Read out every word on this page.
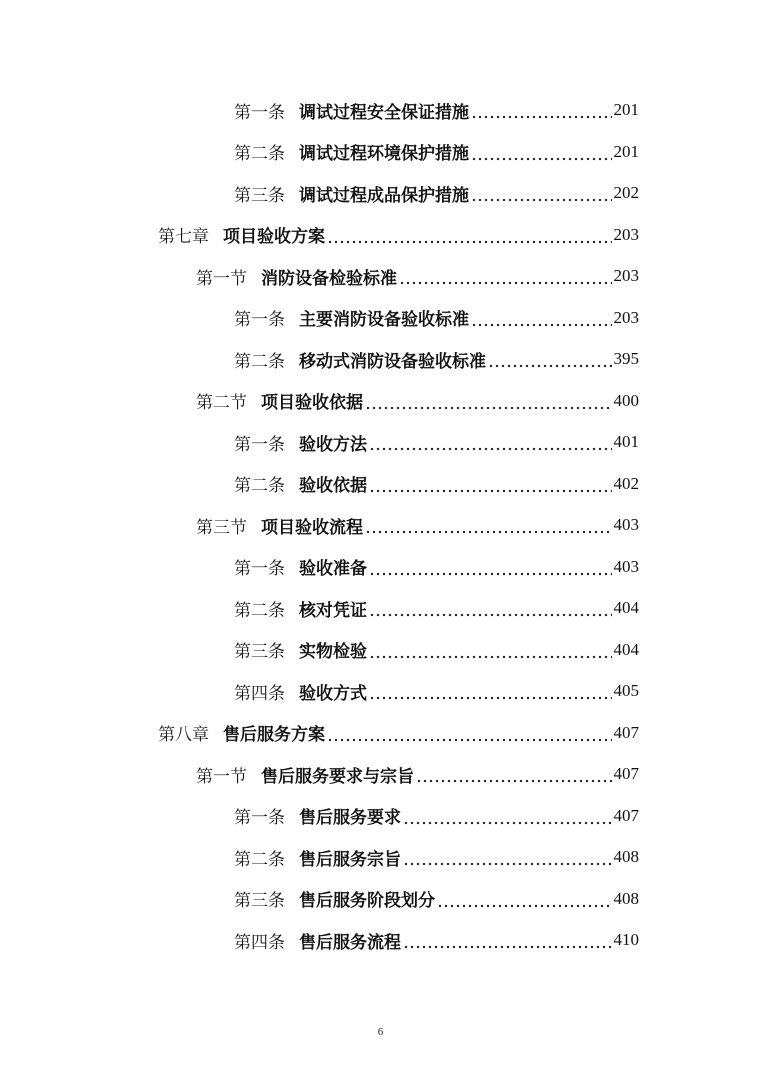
第一条 调试过程安全保证措施	201
第二条 调试过程环境保护措施	201
第三条 调试过程成品保护措施	202
第七章 项目验收方案	203
第一节 消防设备检验标准	203
第一条 主要消防设备验收标准	203
第二条 移动式消防设备验收标准	395
第二节 项目验收依据	400
第一条 验收方法	401
第二条 验收依据	402
第三节 项目验收流程	403
第一条 验收准备	403
第二条 核对凭证	404
第三条 实物检验	404
第四条 验收方式	405
第八章 售后服务方案	407
第一节 售后服务要求与宗旨	407
第一条 售后服务要求	407
第二条 售后服务宗旨	408
第三条 售后服务阶段划分	408
第四条 售后服务流程	410
6
